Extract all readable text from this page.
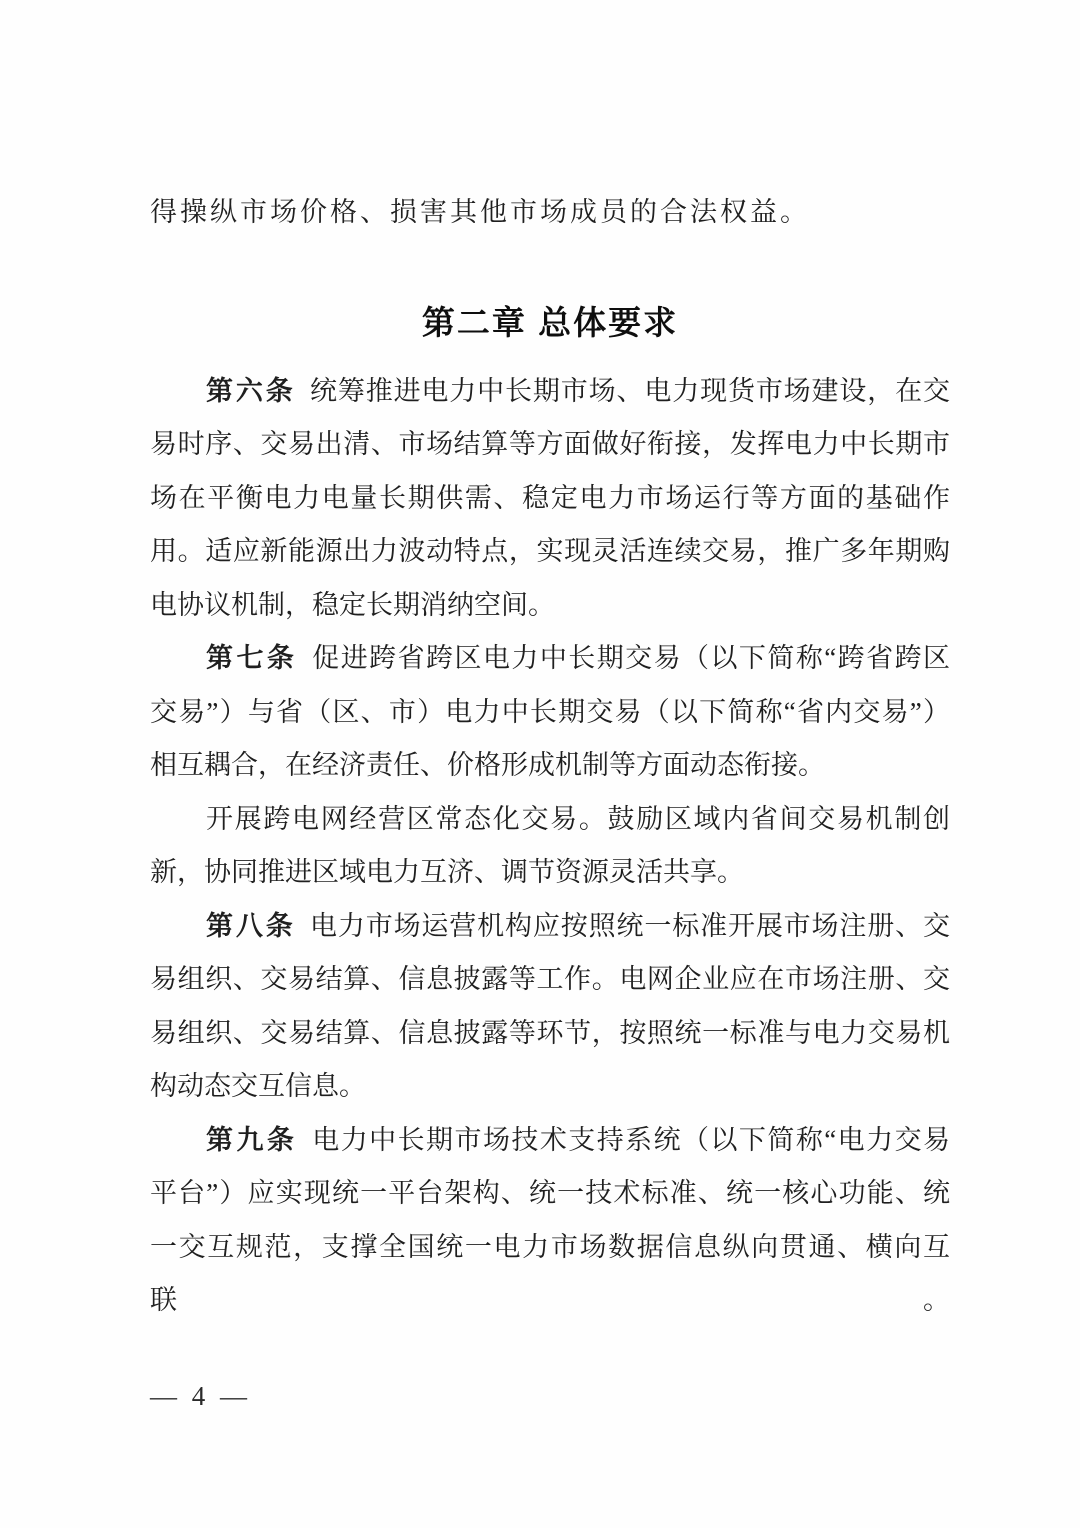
得操纵市场价格、损害其他市场成员的合法权益。
第二章 总体要求
第六条 统筹推进电力中长期市场、电力现货市场建设，在交
易时序、交易出清、市场结算等方面做好衔接，发挥电力中长期市
场在平衡电力电量长期供需、稳定电力市场运行等方面的基础作
用。适应新能源出力波动特点，实现灵活连续交易，推广多年期购
电协议机制，稳定长期消纳空间。
第七条 促进跨省跨区电力中长期交易（以下简称“跨省跨区
交易”）与省（区、市）电力中长期交易（以下简称“省内交易”）
相互耦合，在经济责任、价格形成机制等方面动态衔接。
开展跨电网经营区常态化交易。鼓励区域内省间交易机制创
新，协同推进区域电力互济、调节资源灵活共享。
第八条 电力市场运营机构应按照统一标准开展市场注册、交
易组织、交易结算、信息披露等工作。电网企业应在市场注册、交
易组织、交易结算、信息披露等环节，按照统一标准与电力交易机
构动态交互信息。
第九条 电力中长期市场技术支持系统（以下简称“电力交易
平台”）应实现统一平台架构、统一技术标准、统一核心功能、统
一交互规范，支撑全国统一电力市场数据信息纵向贯通、横向互联。
— 4 —
